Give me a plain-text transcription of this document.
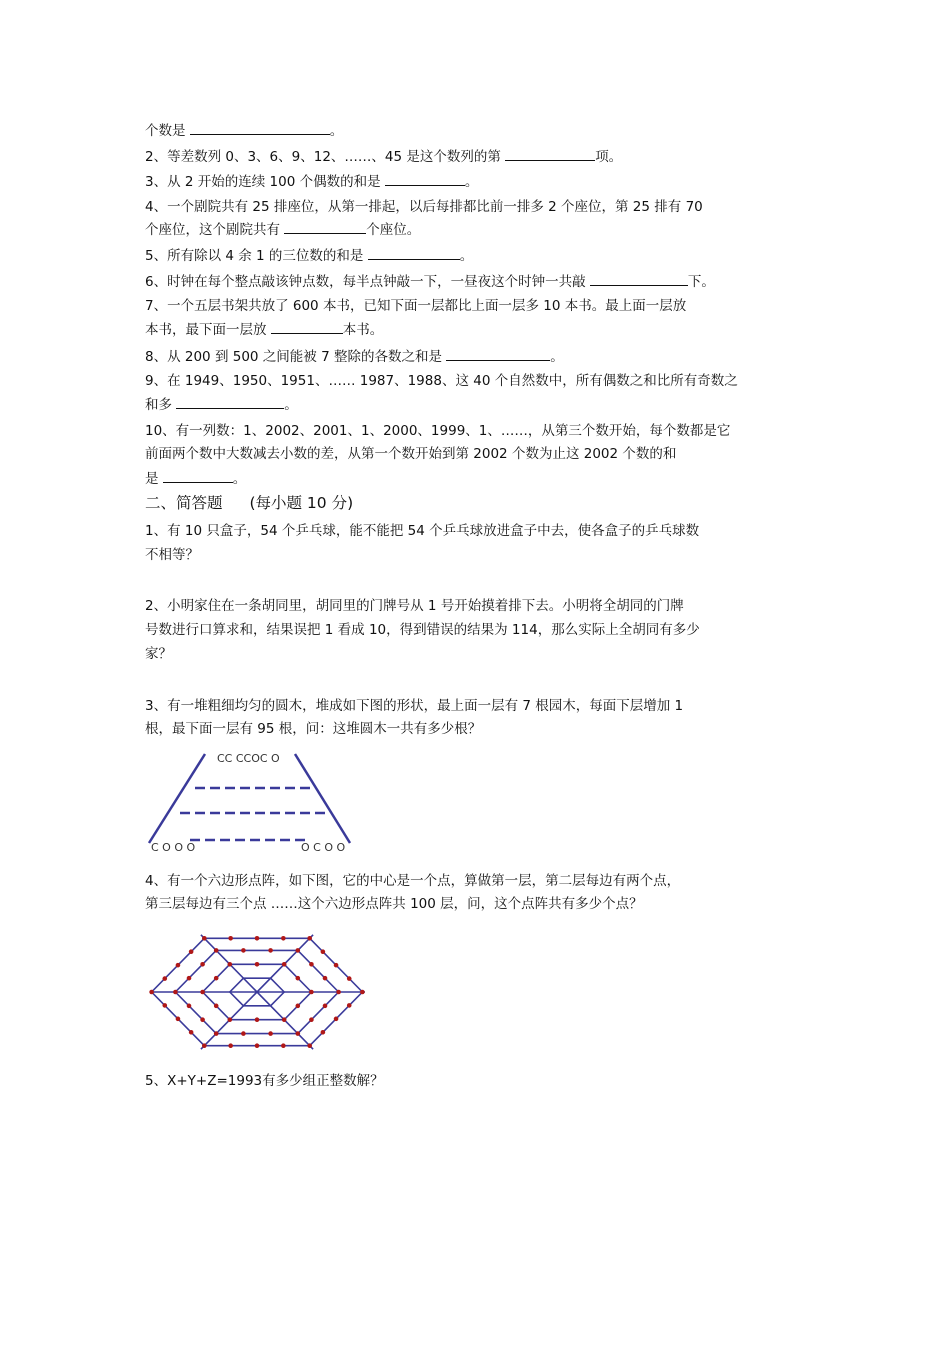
个数是	。
2、等差数列 0、3、6、9、12、……、45 是这个数列的第	项。
3、从 2 开始的连续 100 个偶数的和是	。
4、一个剧院共有 25 排座位，从第一排起，以后每排都比前一排多 2 个座位，第 25 排有 70
个座位，这个剧院共有	个座位。
5、所有除以 4 余 1 的三位数的和是	。
6、时钟在每个整点敲该钟点数，每半点钟敲一下，一昼夜这个时钟一共敲	下。
7、一个五层书架共放了 600 本书，已知下面一层都比上面一层多 10 本书。最上面一层放
本书，最下面一层放	本书。
8、从 200 到 500 之间能被 7 整除的各数之和是	。
9、在 1949、1950、1951、…… 1987、1988、这 40 个自然数中，所有偶数之和比所有奇数之
和多	。
10、有一列数：1、2002、2001、1、2000、1999、1、……，从第三个数开始，每个数都是它
前面两个数中大数减去小数的差，从第一个数开始到第 2002 个数为止这 2002 个数的和
是	。
二、简答题 (每小题 10 分)
1、有 10 只盒子，54 个乒乓球，能不能把 54 个乒乓球放进盒子中去，使各盒子的乒乓球数
不相等？
2、小明家住在一条胡同里，胡同里的门牌号从 1 号开始摸着排下去。小明将全胡同的门牌
号数进行口算求和，结果误把 1 看成 10，得到错误的结果为 114，那么实际上全胡同有多少
家？
3、有一堆粗细均匀的圆木，堆成如下图的形状，最上面一层有 7 根园木，每面下层增加 1
根，最下面一层有 95 根，问：这堆圆木一共有多少根？
CC CCOC O
C O O O	O C O O
4、有一个六边形点阵，如下图，它的中心是一个点，算做第一层，第二层每边有两个点，
第三层每边有三个点 ……这个六边形点阵共 100 层，问，这个点阵共有多少个点？
5、X+Y+Z=1993有多少组正整数解？
